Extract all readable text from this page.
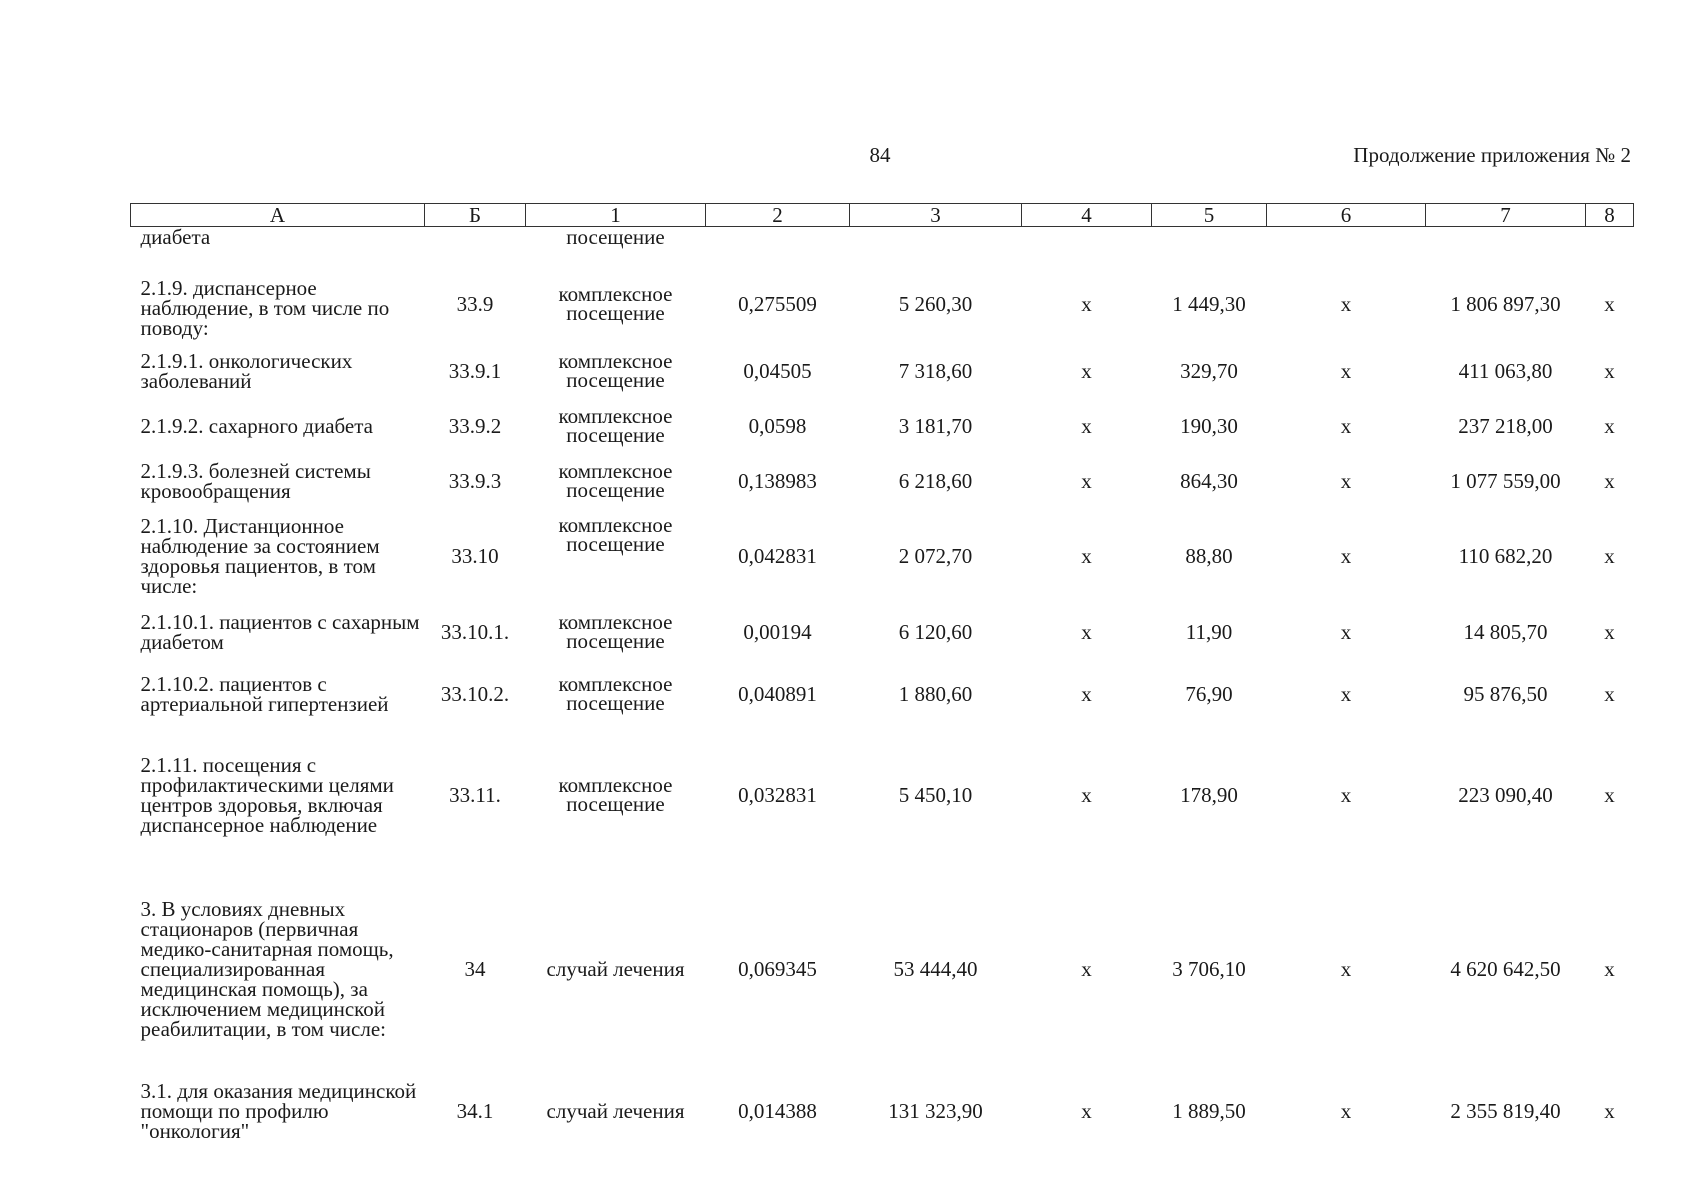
84	Продолжение приложения № 2
А	Б	1	2	3	4	5	6	7	8
диабета		посещение							
2.1.9. диспансерное наблюдение, в том числе по поводу:	33.9	комплексное посещение	0,275509	5 260,30	х	1 449,30	х	1 806 897,30	х
2.1.9.1. онкологических заболеваний	33.9.1	комплексное посещение	0,04505	7 318,60	х	329,70	х	411 063,80	х
2.1.9.2. сахарного диабета	33.9.2	комплексное посещение	0,0598	3 181,70	х	190,30	х	237 218,00	х
2.1.9.3. болезней системы кровообращения	33.9.3	комплексное посещение	0,138983	6 218,60	х	864,30	х	1 077 559,00	х
2.1.10. Дистанционное наблюдение за состоянием здоровья пациентов, в том числе:	33.10	комплексное посещение	0,042831	2 072,70	х	88,80	х	110 682,20	х
2.1.10.1. пациентов с сахарным диабетом	33.10.1.	комплексное посещение	0,00194	6 120,60	х	11,90	х	14 805,70	х
2.1.10.2. пациентов с артериальной гипертензией	33.10.2.	комплексное посещение	0,040891	1 880,60	х	76,90	х	95 876,50	х
2.1.11. посещения с профилактическими целями центров здоровья, включая диспансерное наблюдение	33.11.	комплексное посещение	0,032831	5 450,10	х	178,90	х	223 090,40	х
3. В условиях дневных стационаров (первичная медико-санитарная помощь, специализированная медицинская помощь), за исключением медицинской реабилитации, в том числе:	34	случай лечения	0,069345	53 444,40	х	3 706,10	х	4 620 642,50	х
3.1. для оказания медицинской помощи по профилю "онкология"	34.1	случай лечения	0,014388	131 323,90	х	1 889,50	х	2 355 819,40	х
